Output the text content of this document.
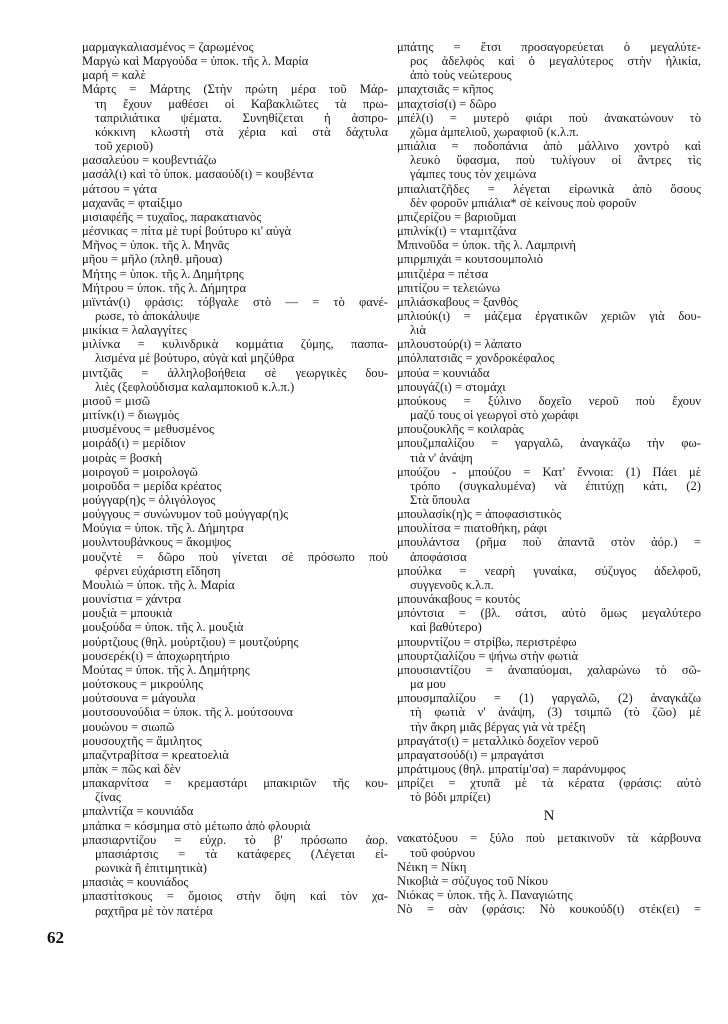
μαρμαγκαλιασμένος = ζαρωμένος
Μαργὼ καὶ Μαργούδα = ὑποκ. τῆς λ. Μαρία
μαρή = καλὲ
Μάρτς = Μάρτης (Στὴν πρώτη μέρα τοῦ Μάρ-
τη ἔχουν μαθέσει οἱ Καβακλιῶτες τὰ πρω-
ταπριλιάτικα ψέματα. Συνηθίζεται ἡ ἀσπρο-
κόκκινη κλωστὴ στὰ χέρια καὶ στὰ δάχτυλα
τοῦ χεριοῦ)
μασαλεύου = κουβεντιάζω
μασάλ(ι) καὶ τὸ ὑποκ. μασαούδ(ι) = κουβέντα
μάτσου = γάτα
μαχανᾶς = φταίξιμο
μισιαφέῆς = τυχαῖος, παρακατιανὸς
μέσνικας = πίτα μὲ τυρί βούτυρο κι' αὐγὰ
Μῆνος = ὑποκ. τῆς λ. Μηνᾶς
μῆου = μῆλο (πληθ. μῆουα)
Μήτης = ὑποκ. τῆς λ. Δημήτρης
Μήτρου = ὑποκ. τῆς λ. Δήμητρα
μιϊντάν(ι) φράσις: τόβγαλε στὸ — = τὸ φανέ-
ρωσε, τὸ ἀποκάλυψε
μικίκια = λαλαγγίτες
μιλίνκα = κυλινδρικὰ κομμάτια ζύμης, πασπα-
λισμένα μὲ βούτυρο, αὐγὰ καὶ μηζύθρα
μιντζιᾶς = ἀλληλοβοήθεια σὲ γεωργικὲς δου-
λιὲς (ξεφλούδισμα καλαμποκιοῦ κ.λ.π.)
μισοῦ = μισῶ
μιτίνκ(ι) = διωγμὸς
μιυσμένους = μεθυσμένος
μοιράδ(ι) = μερίδιον
μοιρὰς = βοσκὴ
μοιρογοῦ = μοιρολογῶ
μοιροῦδα = μερίδα κρέατος
μούγγαρ(η)ς = ὀλιγόλογος
μούγγους = συνώνυμον τοῦ μούγγαρ(η)ς
Μούγια = ὑποκ. τῆς λ. Δήμητρα
μουλντουβάνκους = ἄκομψος
μουζντὲ = δῶρο ποὺ γίνεται σὲ πρόσωπο ποὺ
φέρνει εὐχάριστη εἴδηση
Μουλιὼ = ὑποκ. τῆς λ. Μαρία
μουνίστια = χάντρα
μουξιὰ = μπουκιὰ
μουξούδα = ὑποκ. τῆς λ. μουξιὰ
μούρτζιους (θηλ. μούρτζιου) = μουτζούρης
μουσερέκ(ι) = ἀποχωρητήριο
Μούτας = ὑποκ. τῆς λ. Δημήτρης
μούτσκους = μικρούλης
μούτσουνα = μάγουλα
μουτσουνούδια = ὑποκ. τῆς λ. μούτσουνα
μουώνου = σιωπῶ
μουσουχτῆς = ἄμιλητος
μπαζντραβίτσα = κρεατοελιὰ
μπὰκ = πῶς καὶ δὲν
μπακαρνίτσα = κρεμαστάρι μπακιριῶν τῆς κου-
ζίνας
μπαλντίζα = κουνιάδα
μπάπκα = κόσμημα στὸ μέτωπο ἀπὸ φλουριὰ
μπασιαρντίζου = εὐχρ. τὸ β' πρόσωπο ἀορ.
μπασιάρτσις = τὰ κατάφερες (Λέγεται εἰ-
ρωνικὰ ἢ ἐπιτιμητικὰ)
μπασιὰς = κουνιάδος
μπαστίτσκους = ὅμοιος στὴν ὄψη καὶ τὸν χα-
ραχτῆρα μὲ τὸν πατέρα
μπάτης = ἔτσι προσαγορεύεται ὁ μεγαλύτε-
ρος ἀδελφὸς καὶ ὁ μεγαλύτερος στὴν ἡλικία,
ἀπὸ τοὺς νεώτερους
μπαχτσιᾶς = κῆπος
μπαχτσίσ(ι) = δῶρο
μπέλ(ι) = μυτερὸ φιάρι ποὺ ἀνακατώνουν τὸ
χῶμα ἀμπελιοῦ, χωραφιοῦ (κ.λ.π.
μπιάλια = ποδοπάνια ἀπὸ μάλλινο χοντρὸ καὶ
λευκὸ ὕφασμα, ποὺ τυλίγουν οἱ ἄντρες τὶς
γάμπες τους τὸν χειμώνα
μπιαλιατζῆδες = λέγεται εἰρωνικὰ ἀπὸ ὅσους
δὲν φοροῦν μπιάλια* σὲ κείνους ποὺ φοροῦν
μπιζερίζου = βαριοῦμαι
μπιλνίκ(ι) = νταμιτζάνα
Μπινοῦδα = ὑποκ. τῆς λ. Λαμπρινὴ
μπιρμπιχάι = κουτσουμπολιὸ
μπιτζιέρα = πέτσα
μπιτίζου = τελειώνω
μπλιάσκαβους = ξανθὸς
μπλιούκ(ι) = μάζεμα ἐργατικῶν χεριῶν γιὰ δου-
λιὰ
μπλουστούρ(ι) = λάπατο
μπόλπατσιᾶς = χονδροκέφαλος
μπούα = κουνιάδα
μπουγάζ(ι) = στομάχι
μπούκους = ξύλινο δοχεῖο νεροῦ ποὺ ἔχουν
μαζύ τους οἱ γεωργοὶ στὸ χωράφι
μπουζουκλῆς = κοιλαρὰς
μπουζμπαλίζου = γαργαλῶ, ἀναγκάζω τὴν φω-
τιὰ ν' ἀνάψη
μπούζου - μπούζου = Κατ' ἔννοια: (1) Πάει μὲ
τρόπο (συγκαλυμένα) νὰ ἐπιτύχῃ κάτι, (2)
Στὰ ὕπουλα
μπουλασίκ(η)ς = ἀποφασιστικὸς
μπουλίτσα = πιατοθήκη, ράφι
μπουλάντσα (ρῆμα ποὺ ἀπαντᾶ στὸν ἀόρ.) =
ἀποφάσισα
μπούλκα = νεαρὴ γυναίκα, σύζυγος ἀδελφοῦ,
συγγενοῦς κ.λ.π.
μπουνάκαβους = κουτὸς
μπόντσια = (βλ. σάτσι, αὐτὸ ὅμως μεγαλύτερο
καὶ βαθύτερο)
μπουρντίζου = στρίβω, περιστρέφω
μπουρτζιαλίζου = ψήνω στὴν φωτιὰ
μπουσιαντίζου = ἀναπαύομαι, χαλαρώνω τὸ σῶ-
μα μου
μπουσμπαλίζου = (1) γαργαλῶ, (2) ἀναγκάζω
τὴ φωτιὰ ν' ἀνάψη, (3) τσιμπῶ (τὸ ζῶο) μὲ
τὴν ἄκρη μιᾶς βέργας γιὰ νὰ τρέξη
μπραγάτσ(ι) = μεταλλικὸ δοχεῖον νεροῦ
μπραγατσούδ(ι) = μπραγάτσι
μπράτιμους (θηλ. μπρατίμ'σα) = παράνυμφος
μπρίζει = χτυπᾶ μὲ τὰ κέρατα (φράσις: αὐτὸ
τὸ βόδι μπρίζει)
Ν
νακατόξυου = ξύλο ποὺ μετακινοῦν τὰ κάρβουνα
τοῦ φούρνου
Νέικη = Νίκη
Νικοβιὰ = σύζυγος τοῦ Νίκου
Νιόκας = ὑποκ. τῆς λ. Παναγιώτης
Νὸ = σὰν (φράσις: Νὸ κουκούδ(ι) στέκ(ει) =
62
